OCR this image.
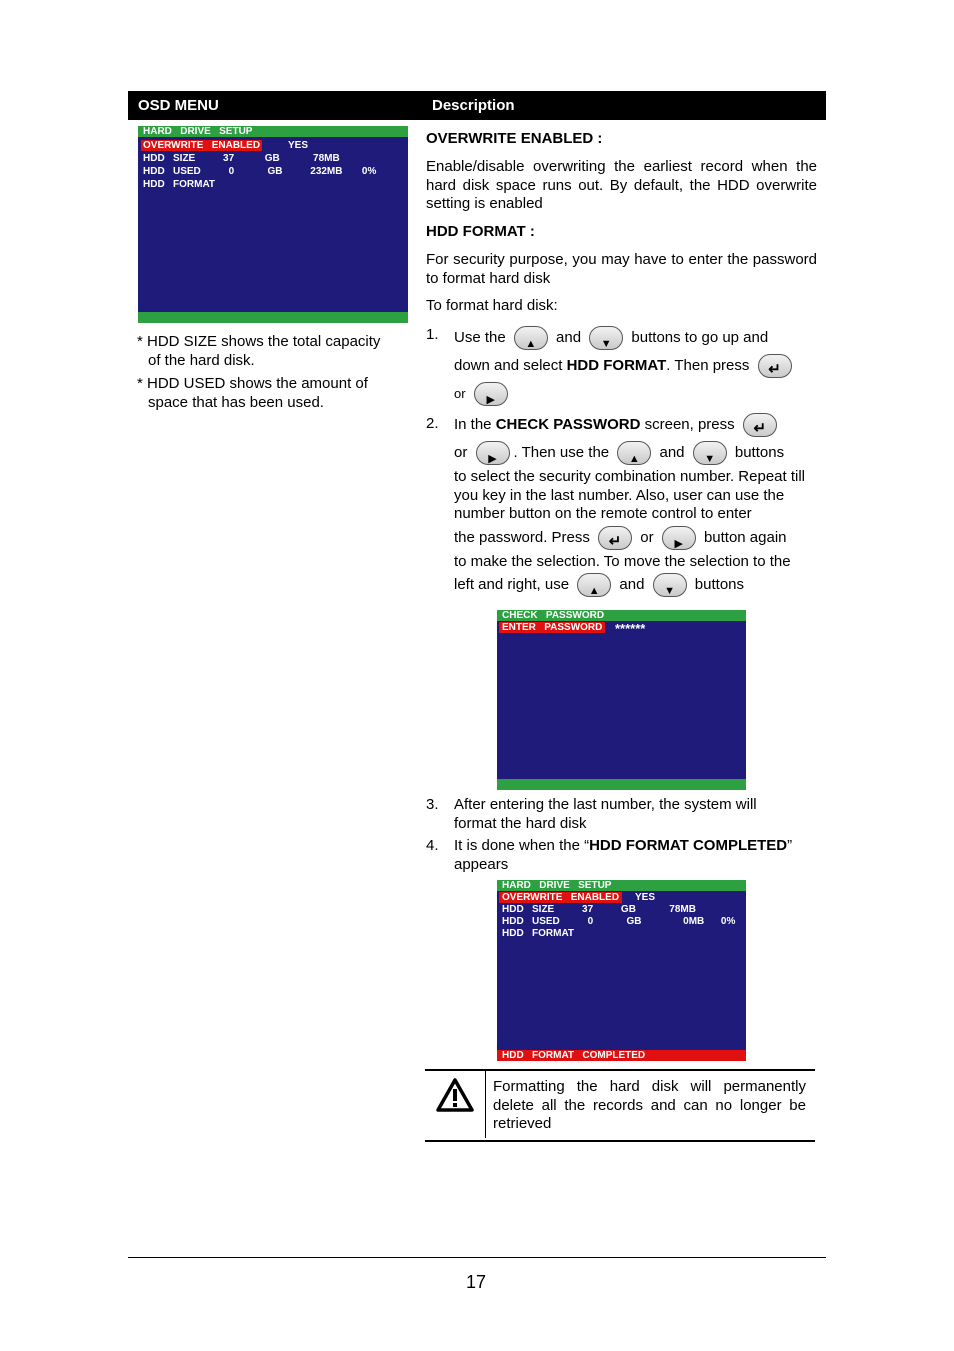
OSD MENU	Description
HARD   DRIVE   SETUP
OVERWRITE   ENABLED	YES
HDD   SIZE          37           GB            78MB
HDD   USED          0            GB          232MB       0%
HDD   FORMAT
* HDD SIZE shows the total capacity
of the hard disk.
* HDD USED shows the amount of
space that has been used.
OVERWRITE ENABLED :
Enable/disable overwriting the earliest record when the hard disk space runs out. By default, the HDD overwrite setting is enabled
HDD FORMAT :
For security purpose, you may have to enter the password to format hard disk
To format hard disk:
1. Use the ▲	and ▼	buttons to go up and
down and select HDD FORMAT. Then press ↵
or ▶
2. In the CHECK PASSWORD screen, press ↵
or ▶	. Then use the ▲	and ▼	buttons
to select the security combination number. Repeat till you key in the last number. Also, user can use the number button on the remote control to enter
the password. Press ↵	or ▶	button again
to make the selection. To move the selection to the
left and right, use ▲	and ▼	buttons
CHECK   PASSWORD
ENTER   PASSWORD ******
3. After entering the last number, the system will format the hard disk
4. It is done when the “HDD FORMAT COMPLETED” appears
HARD   DRIVE   SETUP
OVERWRITE   ENABLED	YES
HDD   SIZE          37          GB            78MB
HDD   USED          0            GB               0MB      0%
HDD   FORMAT
HDD   FORMAT   COMPLETED
Formatting the hard disk will permanently delete all the records and can no longer be retrieved
17
